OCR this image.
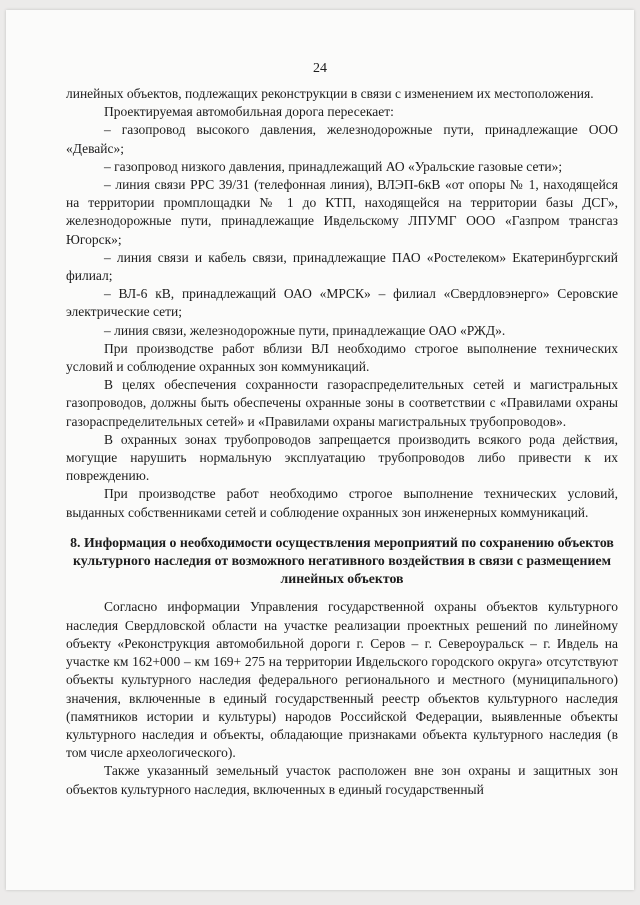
24

линейных объектов, подлежащих реконструкции в связи с изменением их местоположения.

Проектируемая автомобильная дорога пересекает:

– газопровод высокого давления, железнодорожные пути, принадлежащие ООО «Девайс»;

– газопровод низкого давления, принадлежащий АО «Уральские газовые сети»;

– линия связи РРС 39/31 (телефонная линия), ВЛЭП-6кВ «от опоры № 1, находящейся на территории промплощадки № 1 до КТП, находящейся на территории базы ДСГ», железнодорожные пути, принадлежащие Ивдельскому ЛПУМГ ООО «Газпром трансгаз Югорск»;

– линия связи и кабель связи, принадлежащие ПАО «Ростелеком» Екатеринбургский филиал;

– ВЛ-6 кВ, принадлежащий ОАО «МРСК» – филиал «Свердловэнерго» Серовские электрические сети;

– линия связи, железнодорожные пути, принадлежащие ОАО «РЖД».

При производстве работ вблизи ВЛ необходимо строгое выполнение технических условий и соблюдение охранных зон коммуникаций.

В целях обеспечения сохранности газораспределительных сетей и магистральных газопроводов, должны быть обеспечены охранные зоны в соответствии с «Правилами охраны газораспределительных сетей» и «Правилами охраны магистральных трубопроводов».

В охранных зонах трубопроводов запрещается производить всякого рода действия, могущие нарушить нормальную эксплуатацию трубопроводов либо привести к их повреждению.

При производстве работ необходимо строгое выполнение технических условий, выданных собственниками сетей и соблюдение охранных зон инженерных коммуникаций.

8. Информация о необходимости осуществления мероприятий по сохранению объектов культурного наследия от возможного негативного воздействия в связи с размещением линейных объектов

Согласно информации Управления государственной охраны объектов культурного наследия Свердловской области на участке реализации проектных решений по линейному объекту «Реконструкция автомобильной дороги г. Серов – г. Североуральск – г. Ивдель на участке км 162+000 – км 169+ 275 на территории Ивдельского городского округа» отсутствуют объекты культурного наследия федерального регионального и местного (муниципального) значения, включенные в единый государственный реестр объектов культурного наследия (памятников истории и культуры) народов Российской Федерации, выявленные объекты культурного наследия и объекты, обладающие признаками объекта культурного наследия (в том числе археологического).

Также указанный земельный участок расположен вне зон охраны и защитных зон объектов культурного наследия, включенных в единый государственный
